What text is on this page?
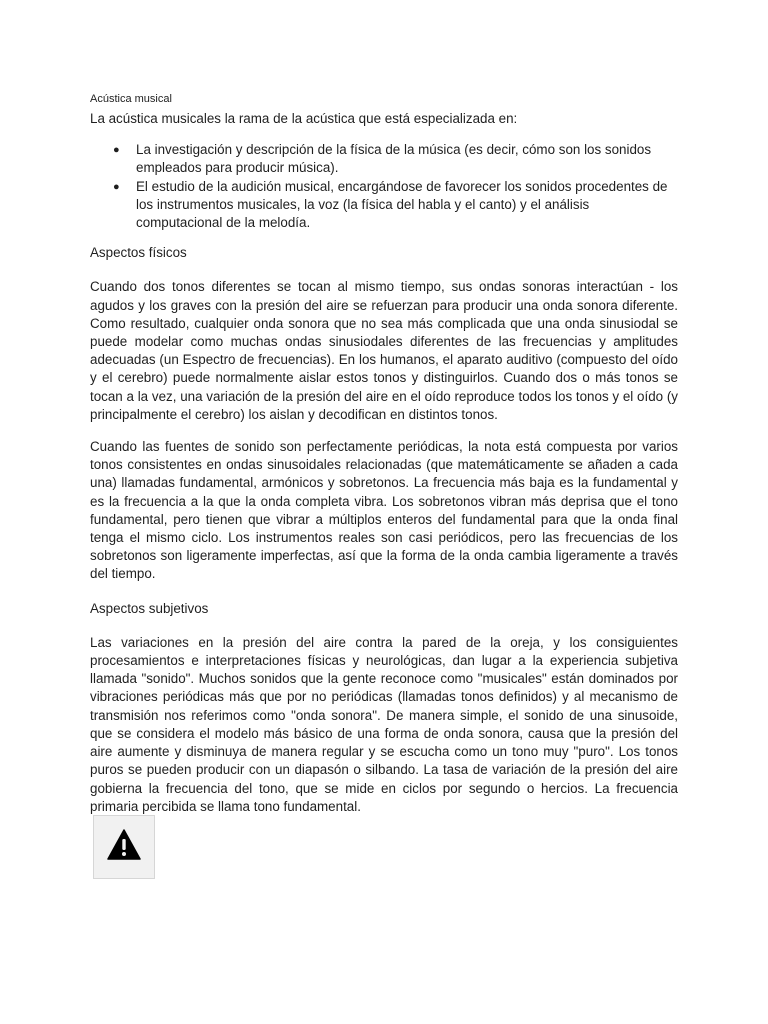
Acústica musical

La acústica musicales la rama de la acústica que está especializada en:

● La investigación y descripción de la física de la música (es decir, cómo son los sonidos empleados para producir música).
● El estudio de la audición musical, encargándose de favorecer los sonidos procedentes de los instrumentos musicales, la voz (la física del habla y el canto) y el análisis computacional de la melodía.
Aspectos físicos

Cuando dos tonos diferentes se tocan al mismo tiempo, sus ondas sonoras interactúan - los agudos y los graves con la presión del aire se refuerzan para producir una onda sonora diferente. Como resultado, cualquier onda sonora que no sea más complicada que una onda sinusiodal se puede modelar como muchas ondas sinusiodales diferentes de las frecuencias y amplitudes adecuadas (un Espectro de frecuencias). En los humanos, el aparato auditivo (compuesto del oído y el cerebro) puede normalmente aislar estos tonos y distinguirlos. Cuando dos o más tonos se tocan a la vez, una variación de la presión del aire en el oído reproduce todos los tonos y el oído (y principalmente el cerebro) los aislan y decodifican en distintos tonos.

Cuando las fuentes de sonido son perfectamente periódicas, la nota está compuesta por varios tonos consistentes en ondas sinusoidales relacionadas (que matemáticamente se añaden a cada una) llamadas fundamental, armónicos y sobretonos. La frecuencia más baja es la fundamental y es la frecuencia a la que la onda completa vibra. Los sobretonos vibran más deprisa que el tono fundamental, pero tienen que vibrar a múltiplos enteros del fundamental para que la onda final tenga el mismo ciclo. Los instrumentos reales son casi periódicos, pero las frecuencias de los sobretonos son ligeramente imperfectas, así que la forma de la onda cambia ligeramente a través del tiempo.

Aspectos subjetivos

Las variaciones en la presión del aire contra la pared de la oreja, y los consiguientes procesamientos e interpretaciones físicas y neurológicas, dan lugar a la experiencia subjetiva llamada "sonido". Muchos sonidos que la gente reconoce como "musicales" están dominados por vibraciones periódicas más que por no periódicas (llamadas tonos definidos) y al mecanismo de transmisión nos referimos como "onda sonora". De manera simple, el sonido de una sinusoide, que se considera el modelo más básico de una forma de onda sonora, causa que la presión del aire aumente y disminuya de manera regular y se escucha como un tono muy "puro". Los tonos puros se pueden producir con un diapasón o silbando. La tasa de variación de la presión del aire gobierna la frecuencia del tono, que se mide en ciclos por segundo o hercios. La frecuencia primaria percibida se llama tono fundamental.
